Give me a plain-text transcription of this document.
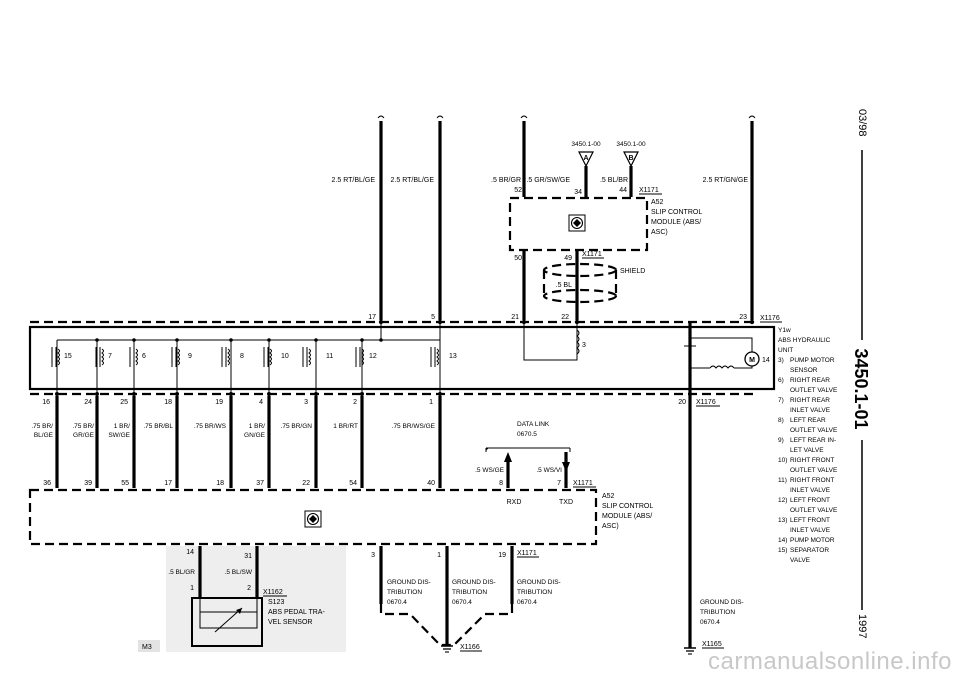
2.5 RT/BL/GE 2.5 RT/BL/GE	.5 BR/GR	2.5 RT/GN/GE
17	5	21	23
3450.1-00 3450.1-00
A	B
.5 GR/SW/GE	.5 BL/BR
52	34	44 X1171
A52
SLIP CONTROL
MODULE (ABS/
ASC)
50	49
X1171
SHIELD
.5 BL
22	X1176
3
M 14
15	7	6	9	8	10	11	12	13
Y1w
ABS HYDRAULIC
UNIT
3) PUMP MOTOR
SENSOR
6) RIGHT REAR
OUTLET VALVE
7) RIGHT REAR
INLET VALVE
8) LEFT REAR
OUTLET VALVE
9) LEFT REAR IN-
LET VALVE
10) RIGHT FRONT
OUTLET VALVE
11) RIGHT FRONT
INLET VALVE
12) LEFT FRONT
OUTLET VALVE
13) LEFT FRONT
INLET VALVE
14) PUMP MOTOR
15) SEPARATOR
VALVE
16	24	25	18	19	4	3	2	1	20 X1176
.75 BR/
BL/GE
.75 BR/
GR/GE
1 BR/
SW/GE
.75 BR/BL	.75 BR/WS	1 BR/
GN/GE
.75 BR/GN	1 BR/RT	.75 BR/WS/GE
36	39	55	17	18	37	22	54	40
DATA LINK
0670.5
.5 WS/GE	.5 WS/VI
8	7 X1171
RXD	TXD
A52
SLIP CONTROL
MODULE (ABS/
ASC)
M3
14
31
.5 BL/GR	.5 BL/SW
1	2
X1162
S123
ABS PEDAL TRA-
VEL SENSOR
3	1	19 X1171
GROUND DIS-
TRIBUTION
0670.4
GROUND DIS-
TRIBUTION
0670.4
GROUND DIS-
TRIBUTION
0670.4
X1166
GROUND DIS-
TRIBUTION
0670.4
X1165
03/98
3450.1-01
1997
carmanualsonline.info
